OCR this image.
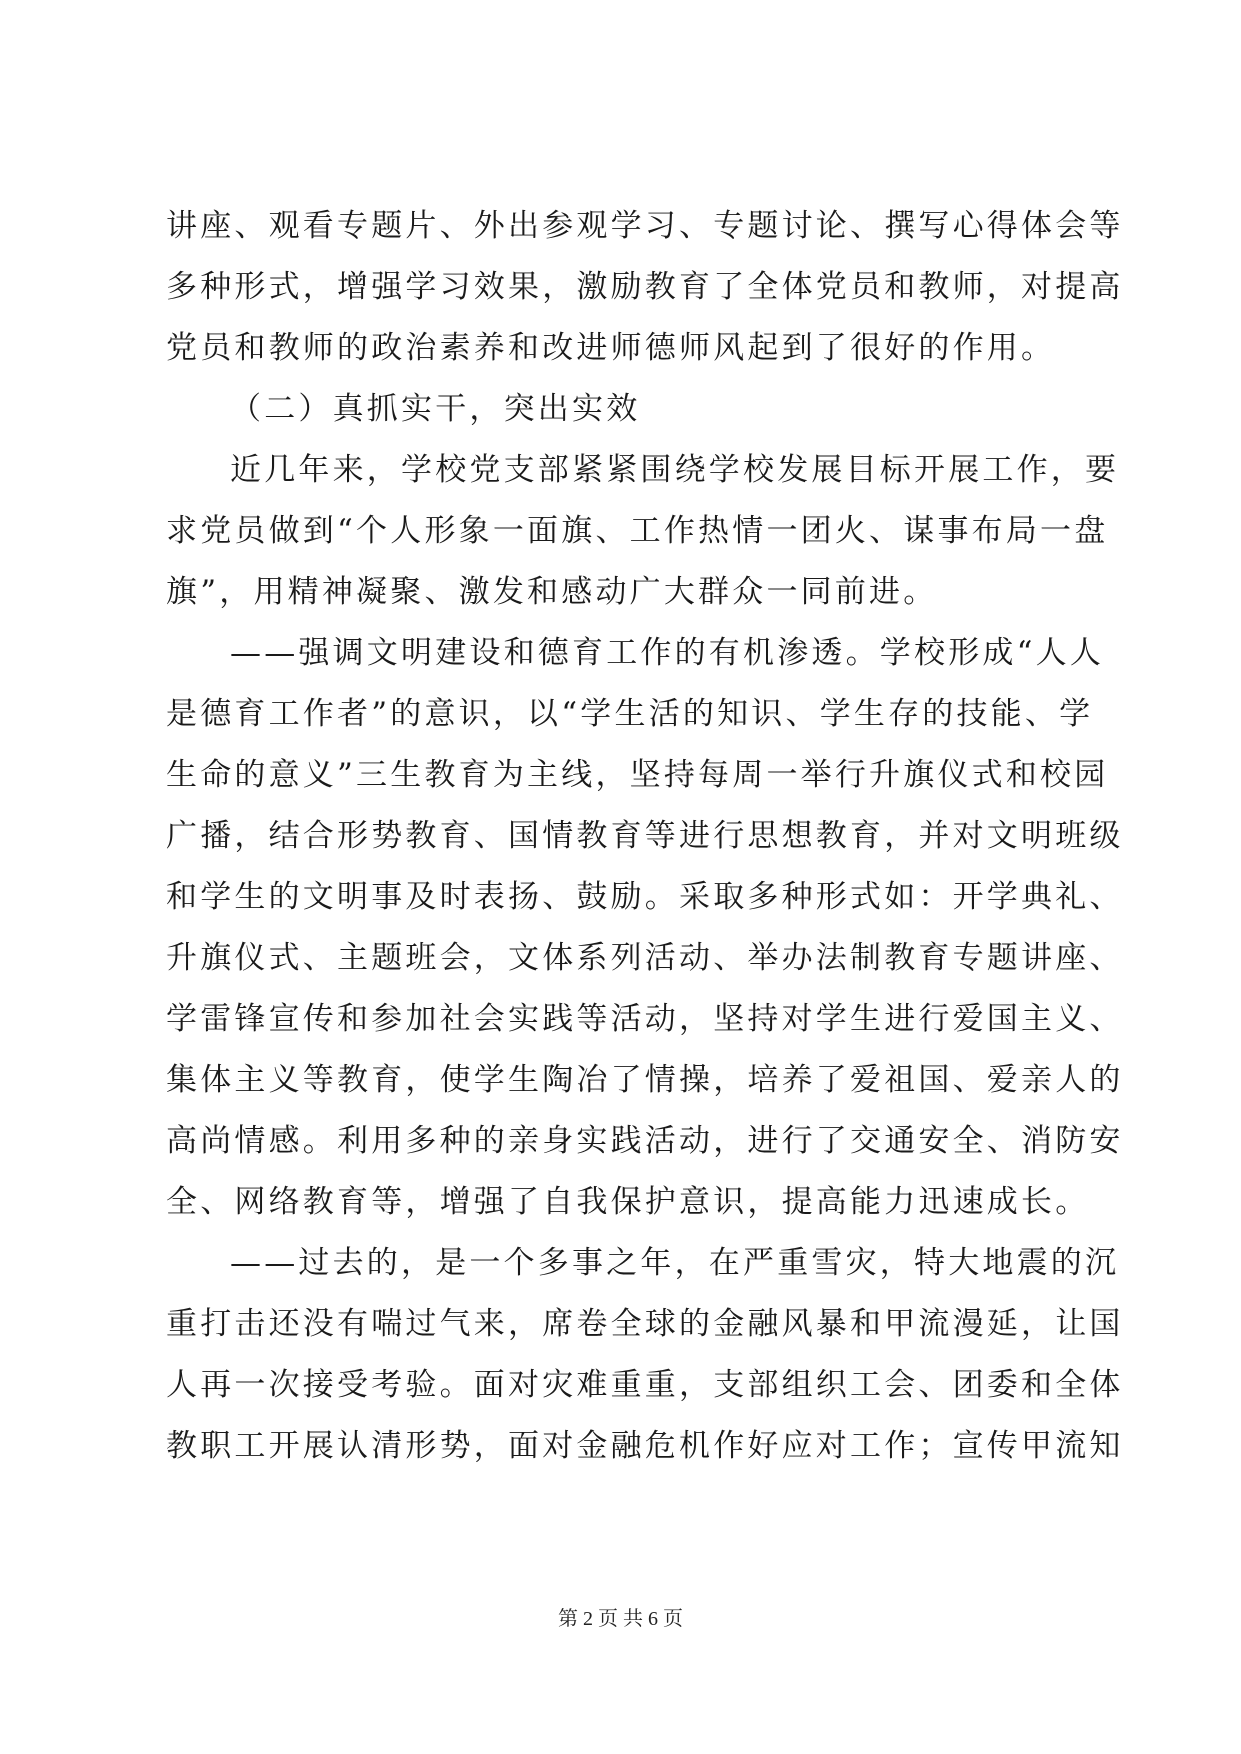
讲座、观看专题片、外出参观学习、专题讨论、撰写心得体会等
多种形式，增强学习效果，激励教育了全体党员和教师，对提高
党员和教师的政治素养和改进师德师风起到了很好的作用。
（二）真抓实干，突出实效
近几年来，学校党支部紧紧围绕学校发展目标开展工作，要
求党员做到“个人形象一面旗、工作热情一团火、谋事布局一盘
旗”，用精神凝聚、激发和感动广大群众一同前进。
——强调文明建设和德育工作的有机渗透。学校形成“人人
是德育工作者”的意识，以“学生活的知识、学生存的技能、学
生命的意义”三生教育为主线，坚持每周一举行升旗仪式和校园
广播，结合形势教育、国情教育等进行思想教育，并对文明班级
和学生的文明事及时表扬、鼓励。采取多种形式如：开学典礼、
升旗仪式、主题班会，文体系列活动、举办法制教育专题讲座、
学雷锋宣传和参加社会实践等活动，坚持对学生进行爱国主义、
集体主义等教育，使学生陶冶了情操，培养了爱祖国、爱亲人的
高尚情感。利用多种的亲身实践活动，进行了交通安全、消防安
全、网络教育等，增强了自我保护意识，提高能力迅速成长。
——过去的，是一个多事之年，在严重雪灾，特大地震的沉
重打击还没有喘过气来，席卷全球的金融风暴和甲流漫延，让国
人再一次接受考验。面对灾难重重，支部组织工会、团委和全体
教职工开展认清形势，面对金融危机作好应对工作；宣传甲流知
第 2 页 共 6 页
